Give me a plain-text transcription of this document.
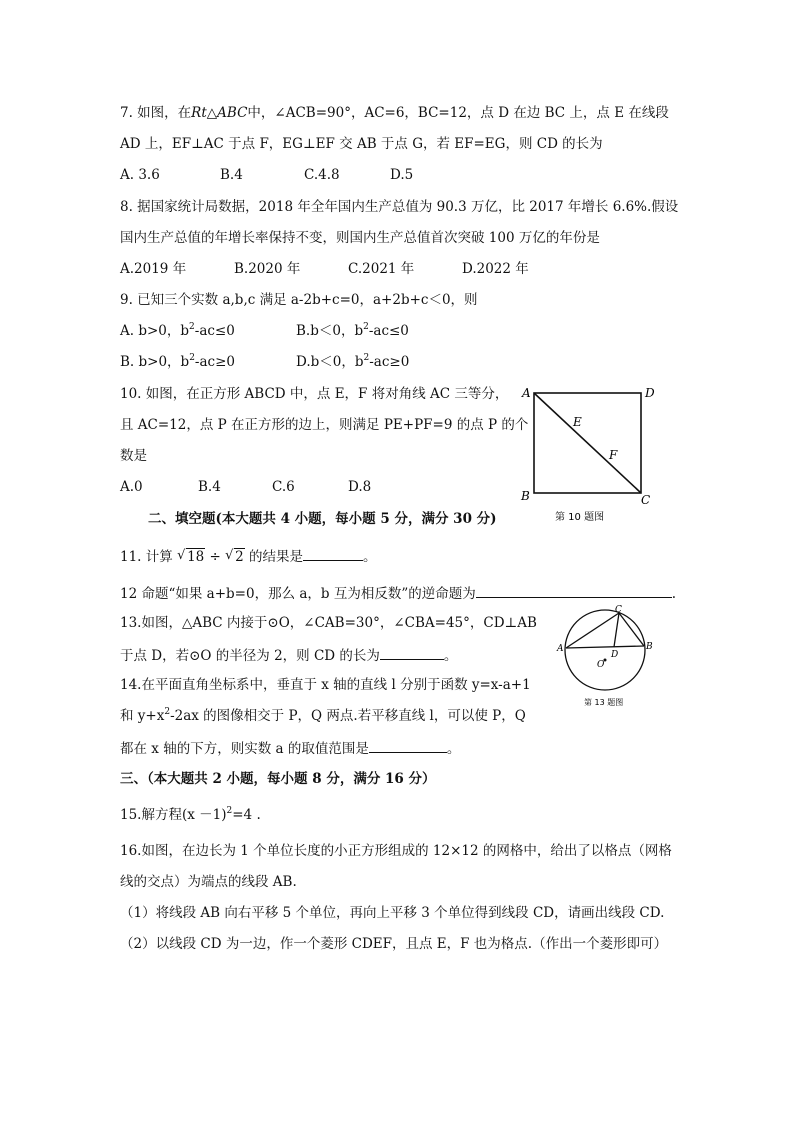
7. 如图，在Rt△ABC中，∠ACB=90°，AC=6，BC=12，点 D 在边 BC 上，点 E 在线段
AD 上，EF⊥AC 于点 F，EG⊥EF 交 AB 于点 G，若 EF=EG，则 CD 的长为
A. 3.6	B.4	C.4.8	D.5
8. 据国家统计局数据，2018 年全年国内生产总值为 90.3 万亿，比 2017 年增长 6.6%.假设
国内生产总值的年增长率保持不变，则国内生产总值首次突破 100 万亿的年份是
A.2019 年	B.2020 年	C.2021 年	D.2022 年
9. 已知三个实数 a,b,c 满足 a-2b+c=0，a+2b+c＜0，则
A. b>0，$b^2-ac\le 0$	B.b＜0，$b^2-ac\le 0$
B. b>0，$b^2-ac\ge 0$	D.b＜0，$b^2-ac\ge 0$
10. 如图，在正方形 ABCD 中，点 E，F 将对角线 AC 三等分，
且 AC=12，点 P 在正方形的边上，则满足 PE+PF=9 的点 P 的个
数是
A.0	B.4	C.6	D.8
A	D
E
F
B	C
第 10 题图
二、填空题(本大题共 4 小题，每小题 5 分，满分 30 分)
11. 计算 √ 18 ÷ √ 2 的结果是	。
12 命题“如果 a+b=0，那么 a，b 互为相反数”的逆命题为	.
13.如图，△ABC 内接于⊙O，∠CAB=30°，∠CBA=45°，CD⊥AB
于点 D，若⊙O 的半径为 2，则 CD 的长为	。
C
A	B
D
O
第 13 题图
14.在平面直角坐标系中，垂直于 x 轴的直线 l 分别于函数 y=x-a+1
和 $y+x^2-2ax$ 的图像相交于 P，Q 两点.若平移直线 l，可以使 P，Q
都在 x 轴的下方，则实数 a 的取值范围是	。
三、（本大题共 2 小题，每小题 8 分，满分 16 分）
15.解方程$(x -1)^2=4$ .
16.如图，在边长为 1 个单位长度的小正方形组成的 12×12 的网格中，给出了以格点（网格
线的交点）为端点的线段 AB.
（1）将线段 AB 向右平移 5 个单位，再向上平移 3 个单位得到线段 CD，请画出线段 CD.
（2）以线段 CD 为一边，作一个菱形 CDEF，且点 E，F 也为格点.（作出一个菱形即可）
